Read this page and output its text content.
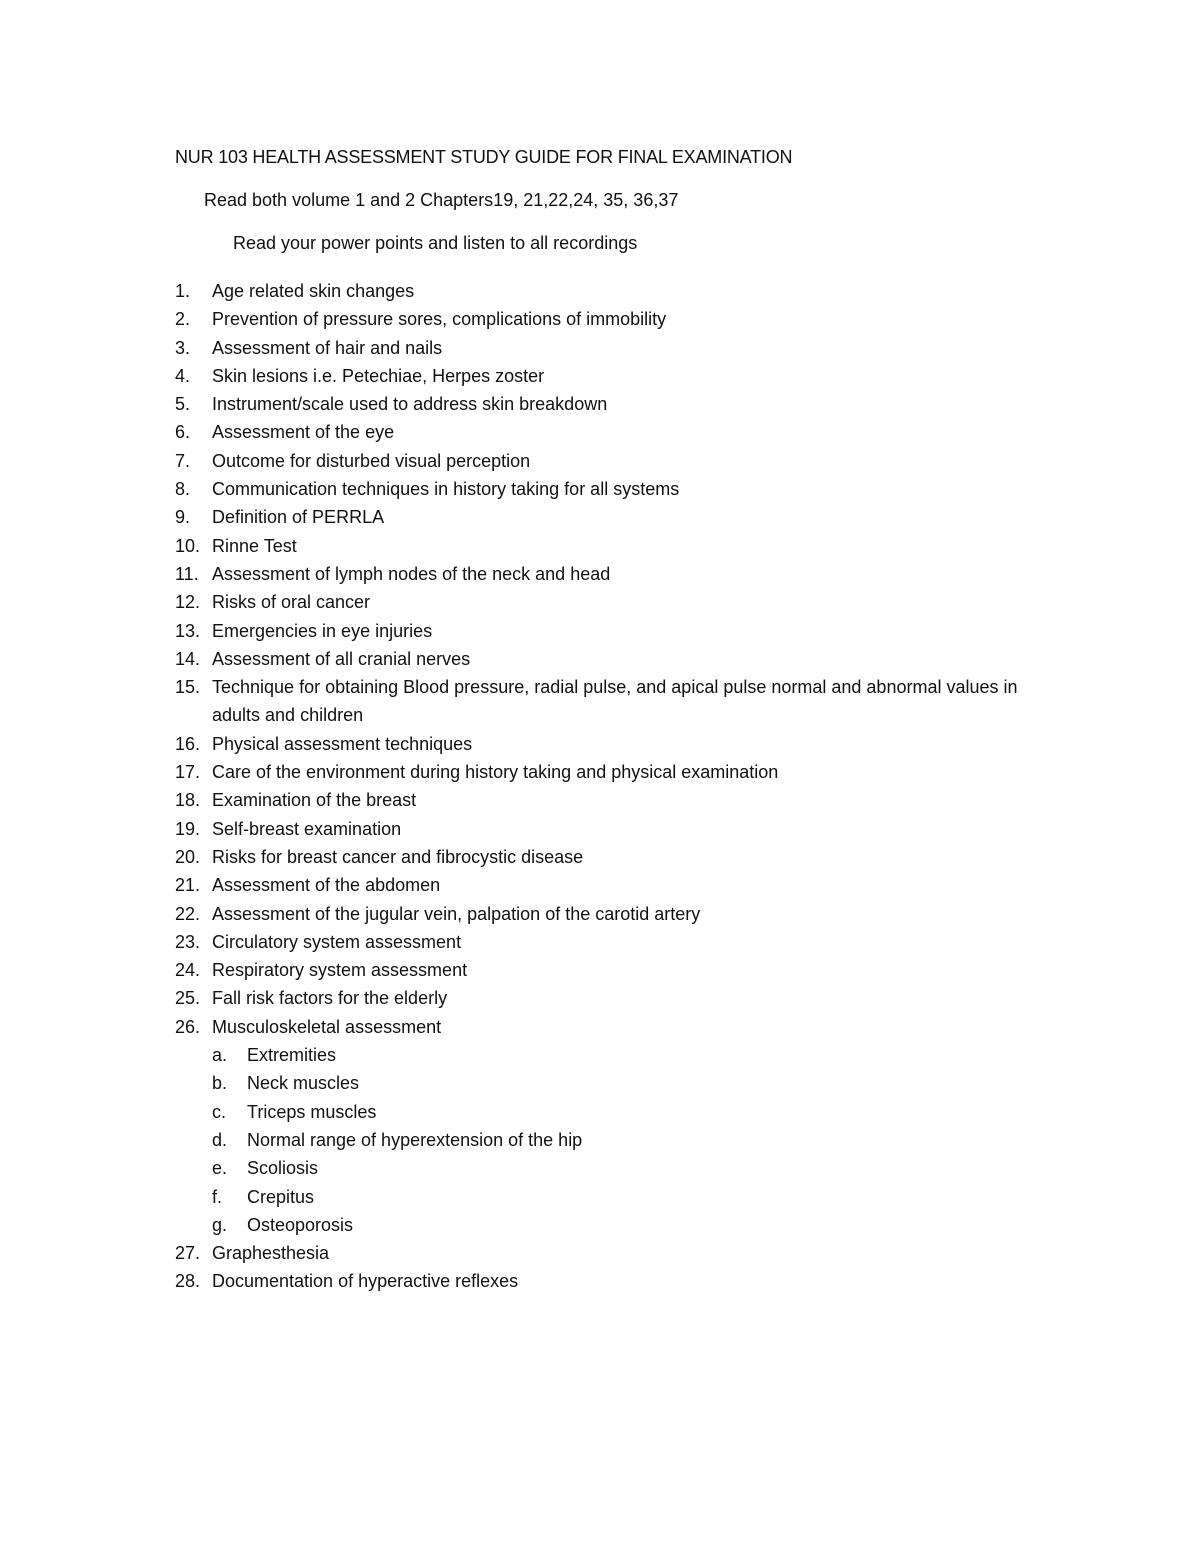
NUR 103 HEALTH ASSESSMENT STUDY GUIDE FOR FINAL EXAMINATION
Read both volume 1 and 2 Chapters19, 21,22,24, 35, 36,37
Read your power points and listen to all recordings
1. Age related skin changes
2. Prevention of pressure sores, complications of immobility
3. Assessment of hair and nails
4. Skin lesions i.e. Petechiae, Herpes zoster
5. Instrument/scale used to address skin breakdown
6. Assessment of the eye
7. Outcome for disturbed visual perception
8. Communication techniques in history taking for all systems
9. Definition of PERRLA
10. Rinne Test
11. Assessment of lymph nodes of the neck and head
12. Risks of oral cancer
13. Emergencies in eye injuries
14. Assessment of all cranial nerves
15. Technique for obtaining Blood pressure, radial pulse, and apical pulse normal and abnormal values in adults and children
16. Physical assessment techniques
17. Care of the environment during history taking and physical examination
18. Examination of the breast
19. Self-breast examination
20. Risks for breast cancer and fibrocystic disease
21. Assessment of the abdomen
22. Assessment of the jugular vein, palpation of the carotid artery
23. Circulatory system assessment
24. Respiratory system assessment
25. Fall risk factors for the elderly
26. Musculoskeletal assessment
a. Extremities
b. Neck muscles
c. Triceps muscles
d. Normal range of hyperextension of the hip
e. Scoliosis
f. Crepitus
g. Osteoporosis
27. Graphesthesia
28. Documentation of hyperactive reflexes
